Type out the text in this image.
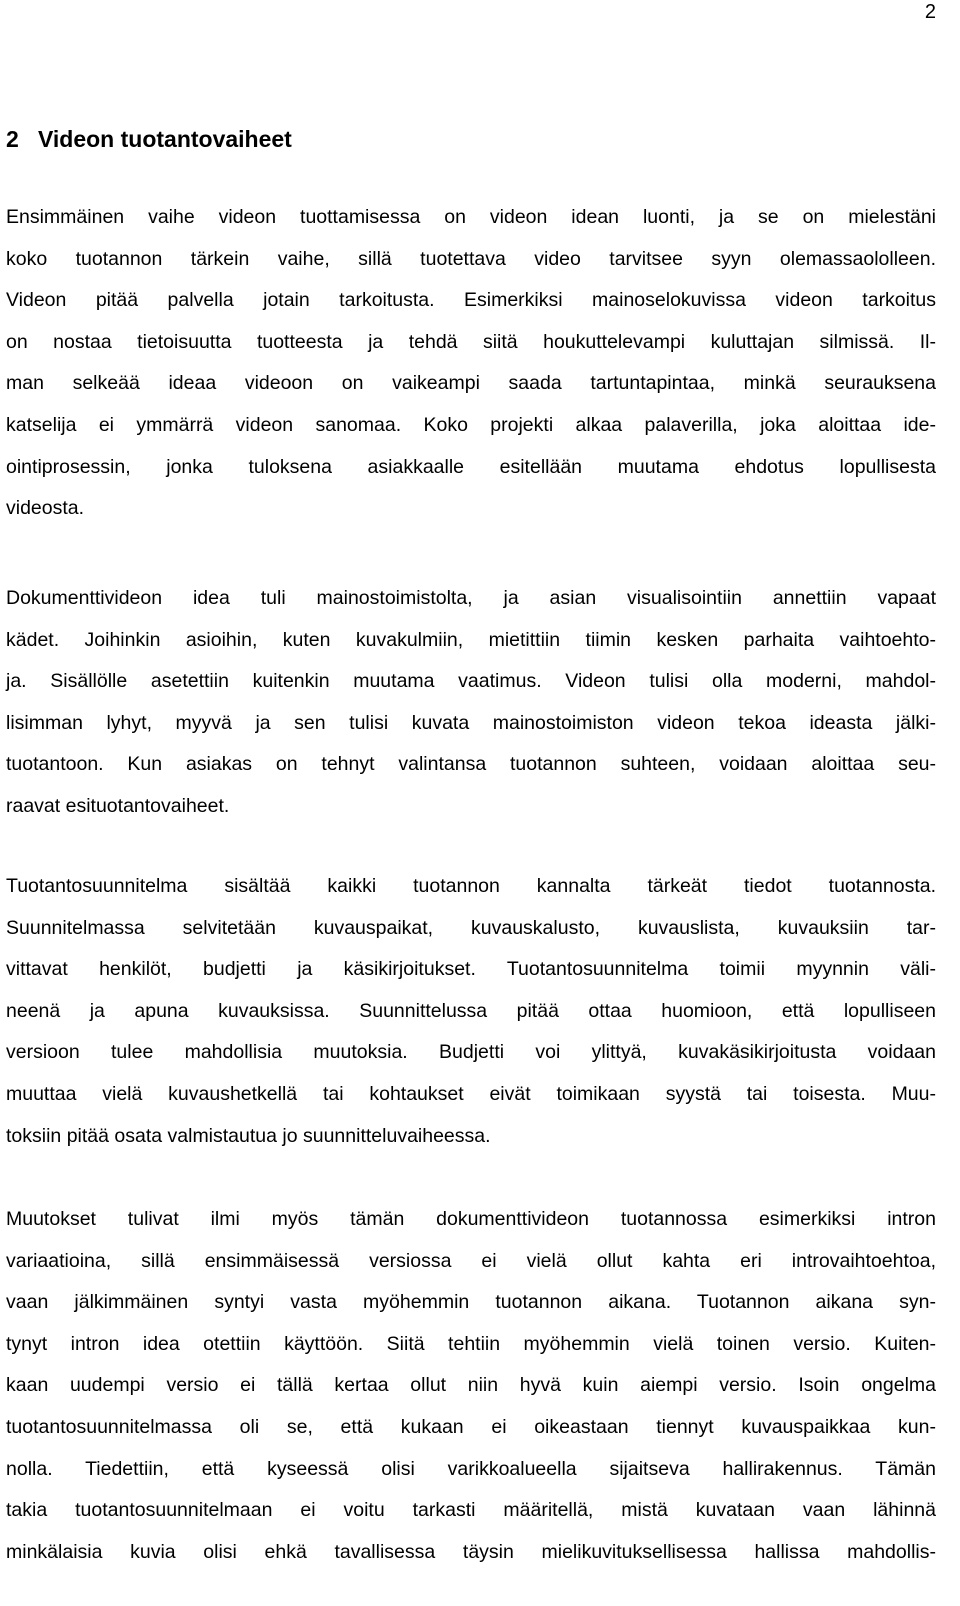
2
2   Videon tuotantovaiheet
Ensimmäinen vaihe videon tuottamisessa on videon idean luonti, ja se on mielestäni
koko tuotannon tärkein vaihe, sillä tuotettava video tarvitsee syyn olemassaololleen.
Videon pitää palvella jotain tarkoitusta. Esimerkiksi mainoselokuvissa videon tarkoitus
on nostaa tietoisuutta tuotteesta ja tehdä siitä houkuttelevampi kuluttajan silmissä. Il-
man selkeää ideaa videoon on vaikeampi saada tartuntapintaa, minkä seurauksena
katselija ei ymmärrä videon sanomaa. Koko projekti alkaa palaverilla, joka aloittaa ide-
ointiprosessin, jonka tuloksena asiakkaalle esitellään muutama ehdotus lopullisesta
videosta.
Dokumenttivideon idea tuli mainostoimistolta, ja asian visualisointiin annettiin vapaat
kädet. Joihinkin asioihin, kuten kuvakulmiin, mietittiin tiimin kesken parhaita vaihtoehto-
ja. Sisällölle asetettiin kuitenkin muutama vaatimus. Videon tulisi olla moderni, mahdol-
lisimman lyhyt, myyvä ja sen tulisi kuvata mainostoimiston videon tekoa ideasta jälki-
tuotantoon. Kun asiakas on tehnyt valintansa tuotannon suhteen, voidaan aloittaa seu-
raavat esituotantovaiheet.
Tuotantosuunnitelma sisältää kaikki tuotannon kannalta tärkeät tiedot tuotannosta.
Suunnitelmassa selvitetään kuvauspaikat, kuvauskalusto, kuvauslista, kuvauksiin tar-
vittavat henkilöt, budjetti ja käsikirjoitukset. Tuotantosuunnitelma toimii myynnin väli-
neenä ja apuna kuvauksissa. Suunnittelussa pitää ottaa huomioon, että lopulliseen
versioon tulee mahdollisia muutoksia. Budjetti voi ylittyä, kuvakäsikirjoitusta voidaan
muuttaa vielä kuvaushetkellä tai kohtaukset eivät toimikaan syystä tai toisesta. Muu-
toksiin pitää osata valmistautua jo suunnitteluvaiheessa.
Muutokset tulivat ilmi myös tämän dokumenttivideon tuotannossa esimerkiksi intron
variaatioina, sillä ensimmäisessä versiossa ei vielä ollut kahta eri introvaihtoehtoa,
vaan jälkimmäinen syntyi vasta myöhemmin tuotannon aikana. Tuotannon aikana syn-
tynyt intron idea otettiin käyttöön. Siitä tehtiin myöhemmin vielä toinen versio. Kuiten-
kaan uudempi versio ei tällä kertaa ollut niin hyvä kuin aiempi versio. Isoin ongelma
tuotantosuunnitelmassa oli se, että kukaan ei oikeastaan tiennyt kuvauspaikkaa kun-
nolla. Tiedettiin, että kyseessä olisi varikkoalueella sijaitseva hallirakennus. Tämän
takia tuotantosuunnitelmaan ei voitu tarkasti määritellä, mistä kuvataan vaan lähinnä
minkälaisia kuvia olisi ehkä tavallisessa täysin mielikuvituksellisessa hallissa mahdollis-
